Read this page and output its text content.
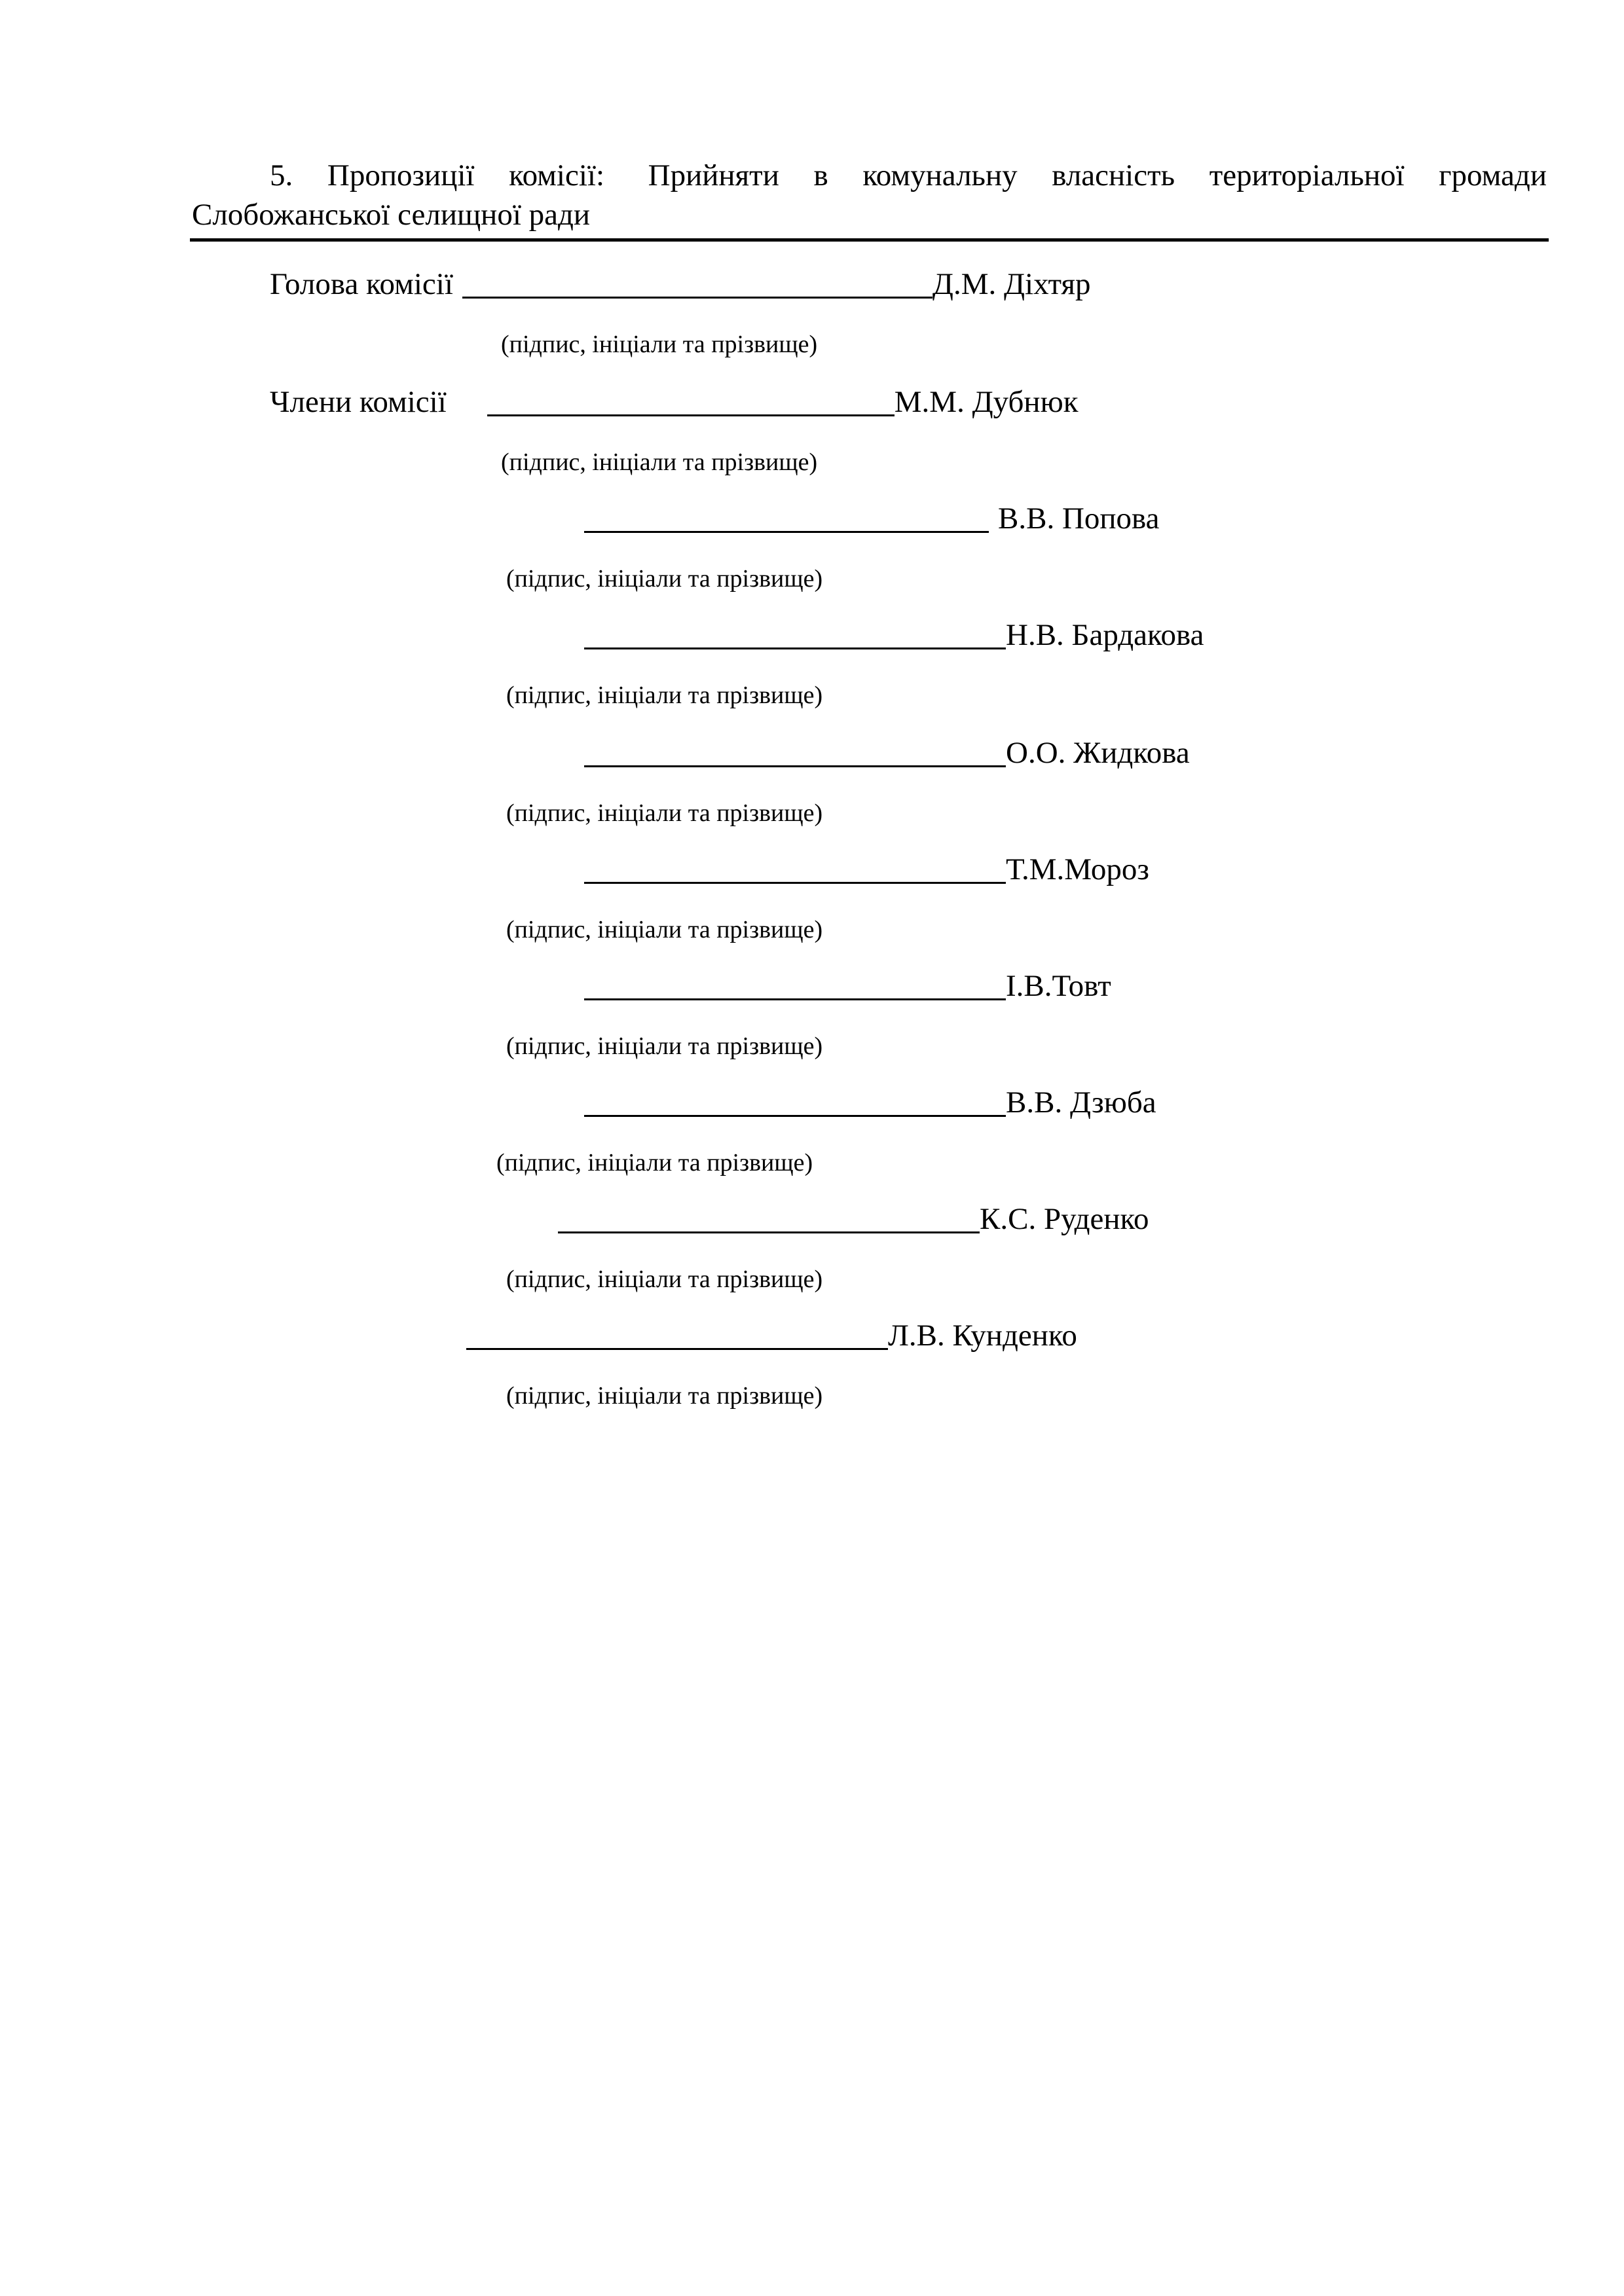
5. Пропозиції комісії: Прийняти в комунальну власність територіальної громади
Слобожанської селищної ради
Голова комісії	Д.М. Діхтяр
(підпис, ініціали та прізвище)
Члени комісії	М.М. Дубнюк
(підпис, ініціали та прізвище)
В.В. Попова
(підпис, ініціали та прізвище)
Н.В. Бардакова
(підпис, ініціали та прізвище)
О.О. Жидкова
(підпис, ініціали та прізвище)
Т.М.Мороз
(підпис, ініціали та прізвище)
І.В.Товт
(підпис, ініціали та прізвище)
В.В. Дзюба
(підпис, ініціали та прізвище)
К.С. Руденко
(підпис, ініціали та прізвище)
Л.В. Кунденко
(підпис, ініціали та прізвище)
